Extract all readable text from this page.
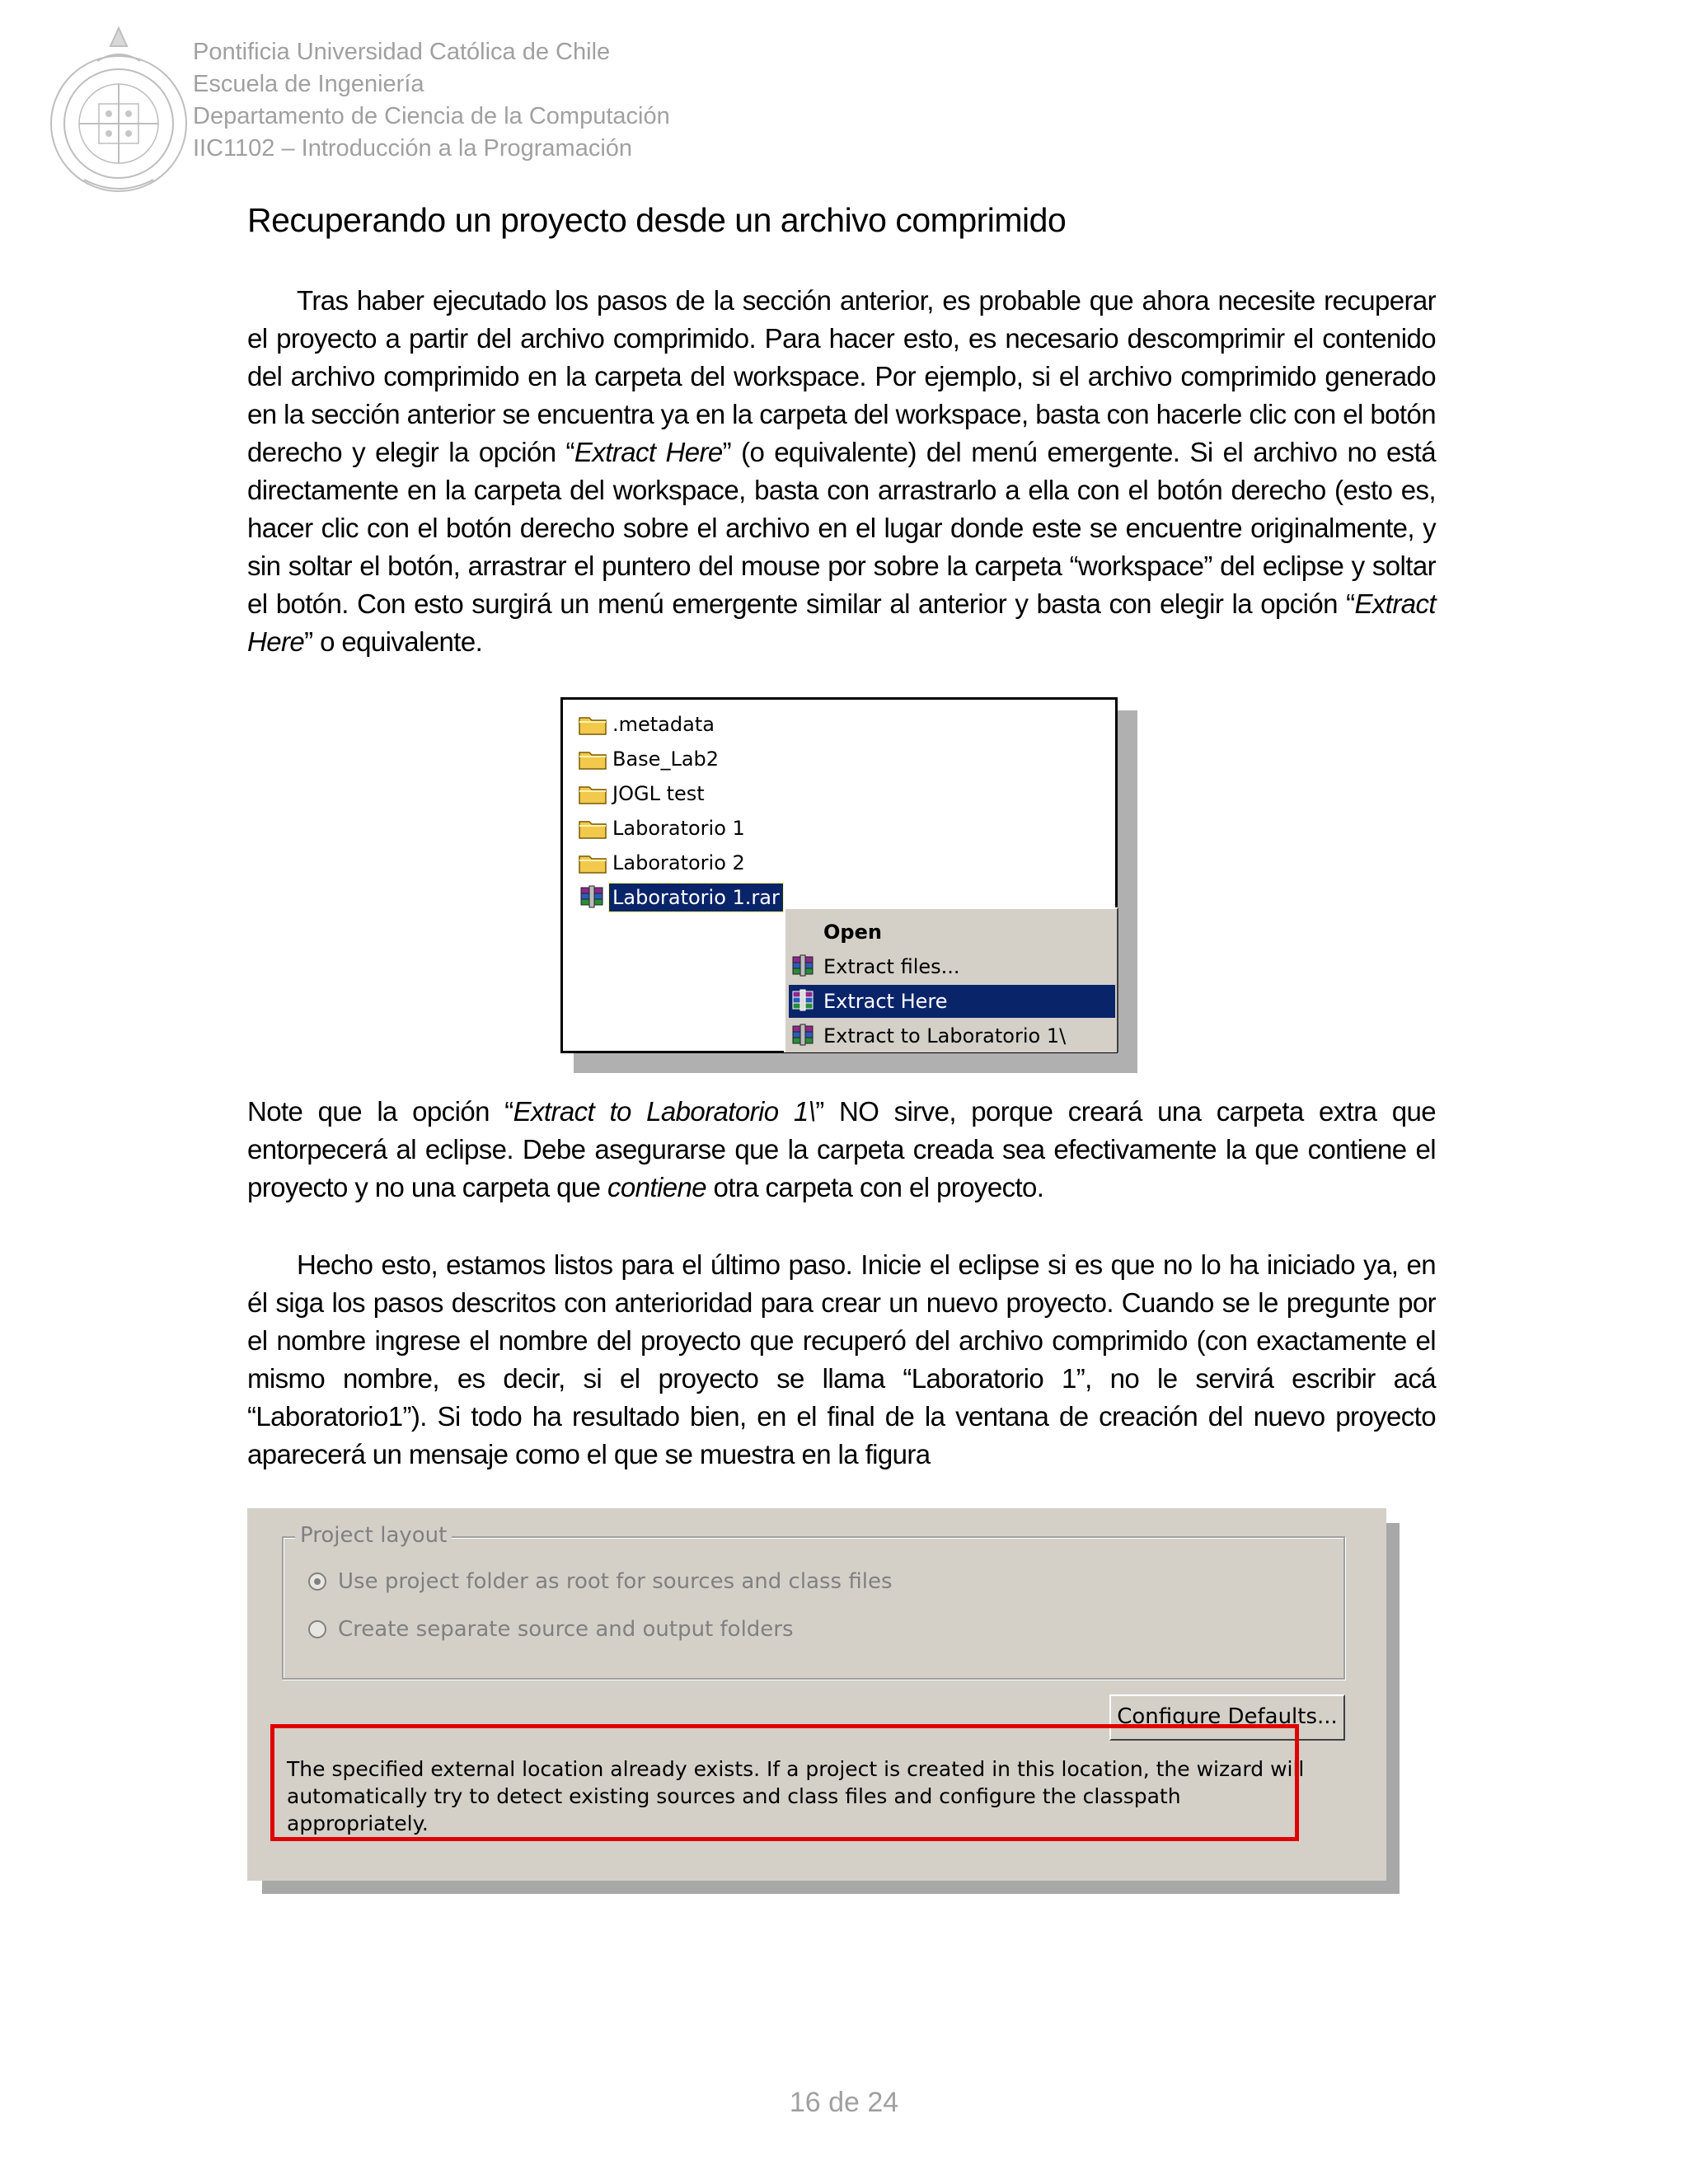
Pontificia Universidad Católica de Chile
Escuela de Ingeniería
Departamento de Ciencia de la Computación
IIC1102 – Introducción a la Programación
Recuperando un proyecto desde un archivo comprimido

Tras haber ejecutado los pasos de la sección anterior, es probable que ahora necesite recuperar el proyecto a partir del archivo comprimido. Para hacer esto, es necesario descomprimir el contenido del archivo comprimido en la carpeta del workspace. Por ejemplo, si el archivo comprimido generado en la sección anterior se encuentra ya en la carpeta del workspace, basta con hacerle clic con el botón derecho y elegir la opción “Extract Here” (o equivalente) del menú emergente. Si el archivo no está directamente en la carpeta del workspace, basta con arrastrarlo a ella con el botón derecho (esto es, hacer clic con el botón derecho sobre el archivo en el lugar donde este se encuentre originalmente, y sin soltar el botón, arrastrar el puntero del mouse por sobre la carpeta “workspace” del eclipse y soltar el botón. Con esto surgirá un menú emergente similar al anterior y basta con elegir la opción “Extract Here” o equivalente.

.metadata
Base_Lab2
JOGL test
Laboratorio 1
Laboratorio 2
Laboratorio 1.rar
Open
Extract files...
Extract Here
Extract to Laboratorio 1\

Note que la opción “Extract to Laboratorio 1\” NO sirve, porque creará una carpeta extra que entorpecerá al eclipse. Debe asegurarse que la carpeta creada sea efectivamente la que contiene el proyecto y no una carpeta que contiene otra carpeta con el proyecto.

Hecho esto, estamos listos para el último paso. Inicie el eclipse si es que no lo ha iniciado ya, en él siga los pasos descritos con anterioridad para crear un nuevo proyecto. Cuando se le pregunte por el nombre ingrese el nombre del proyecto que recuperó del archivo comprimido (con exactamente el mismo nombre, es decir, si el proyecto se llama “Laboratorio 1”, no le servirá escribir acá “Laboratorio1”). Si todo ha resultado bien, en el final de la ventana de creación del nuevo proyecto aparecerá un mensaje como el que se muestra en la figura

Project layout
Use project folder as root for sources and class files
Create separate source and output folders
Configure Defaults...
The specified external location already exists. If a project is created in this location, the wizard will
automatically try to detect existing sources and class files and configure the classpath appropriately.
16 de 24
